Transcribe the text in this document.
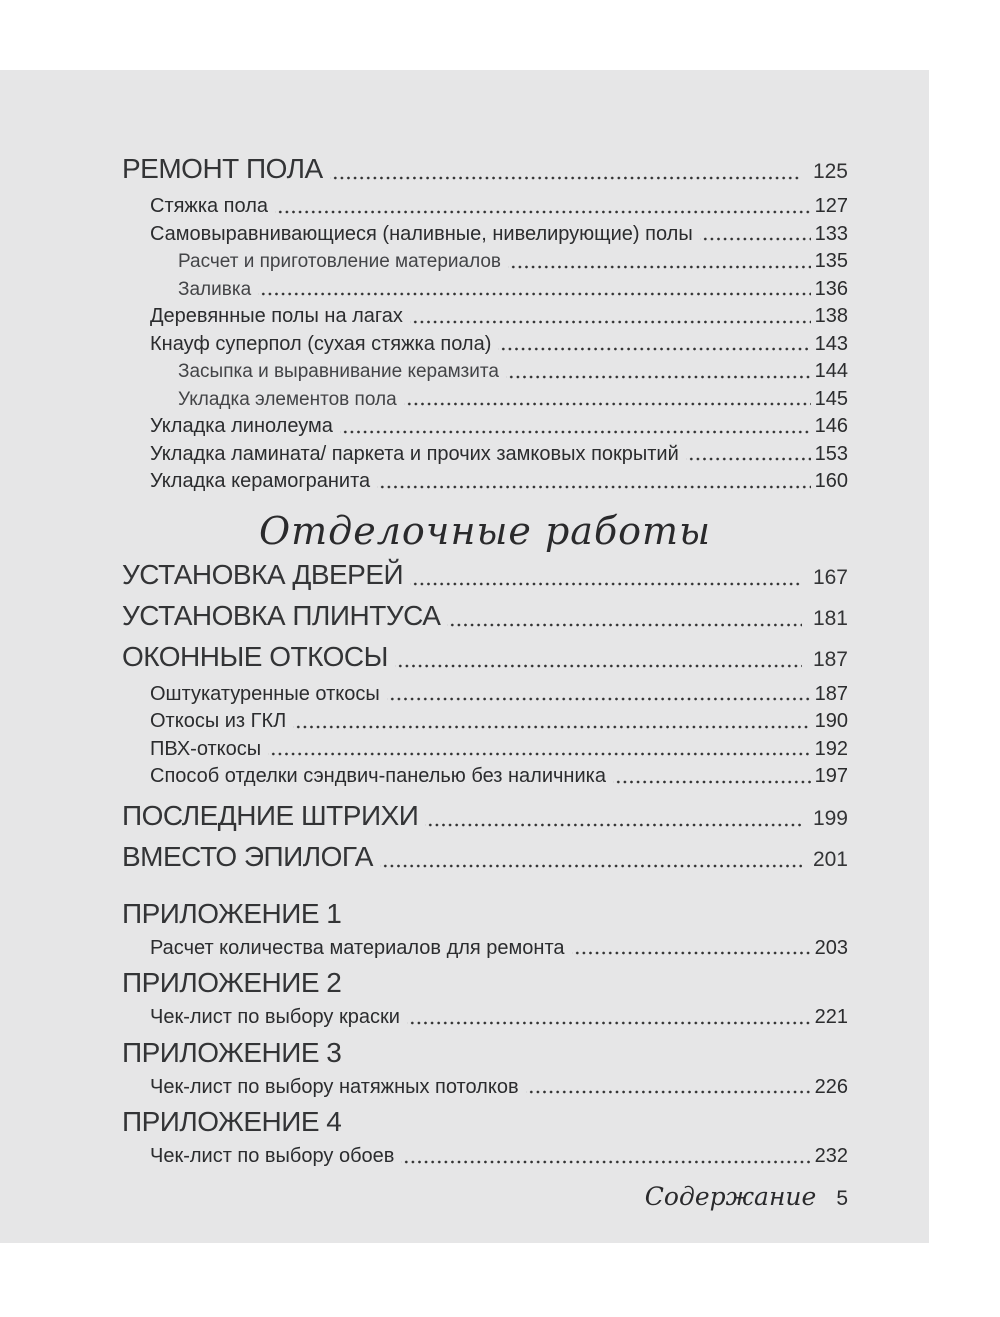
РЕМОНТ ПОЛА	125
Стяжка пола	127
Самовыравнивающиеся (наливные, нивелирующие) полы	133
Расчет и приготовление материалов	135
Заливка	136
Деревянные полы на лагах	138
Кнауф суперпол (сухая стяжка пола)	143
Засыпка и выравнивание керамзита	144
Укладка элементов пола	145
Укладка линолеума	146
Укладка ламината/ паркета и прочих замковых покрытий	153
Укладка керамогранита	160
Отделочные работы
УСТАНОВКА ДВЕРЕЙ	167
УСТАНОВКА ПЛИНТУСА	181
ОКОННЫЕ ОТКОСЫ	187
Оштукатуренные откосы	187
Откосы из ГКЛ	190
ПВХ-откосы	192
Способ отделки сэндвич-панелью без наличника	197
ПОСЛЕДНИЕ ШТРИХИ	199
ВМЕСТО ЭПИЛОГА	201
ПРИЛОЖЕНИЕ 1
Расчет количества материалов для ремонта	203
ПРИЛОЖЕНИЕ 2
Чек-лист по выбору краски	221
ПРИЛОЖЕНИЕ 3
Чек-лист по выбору натяжных потолков	226
ПРИЛОЖЕНИЕ 4
Чек-лист по выбору обоев	232
Содержание 5
